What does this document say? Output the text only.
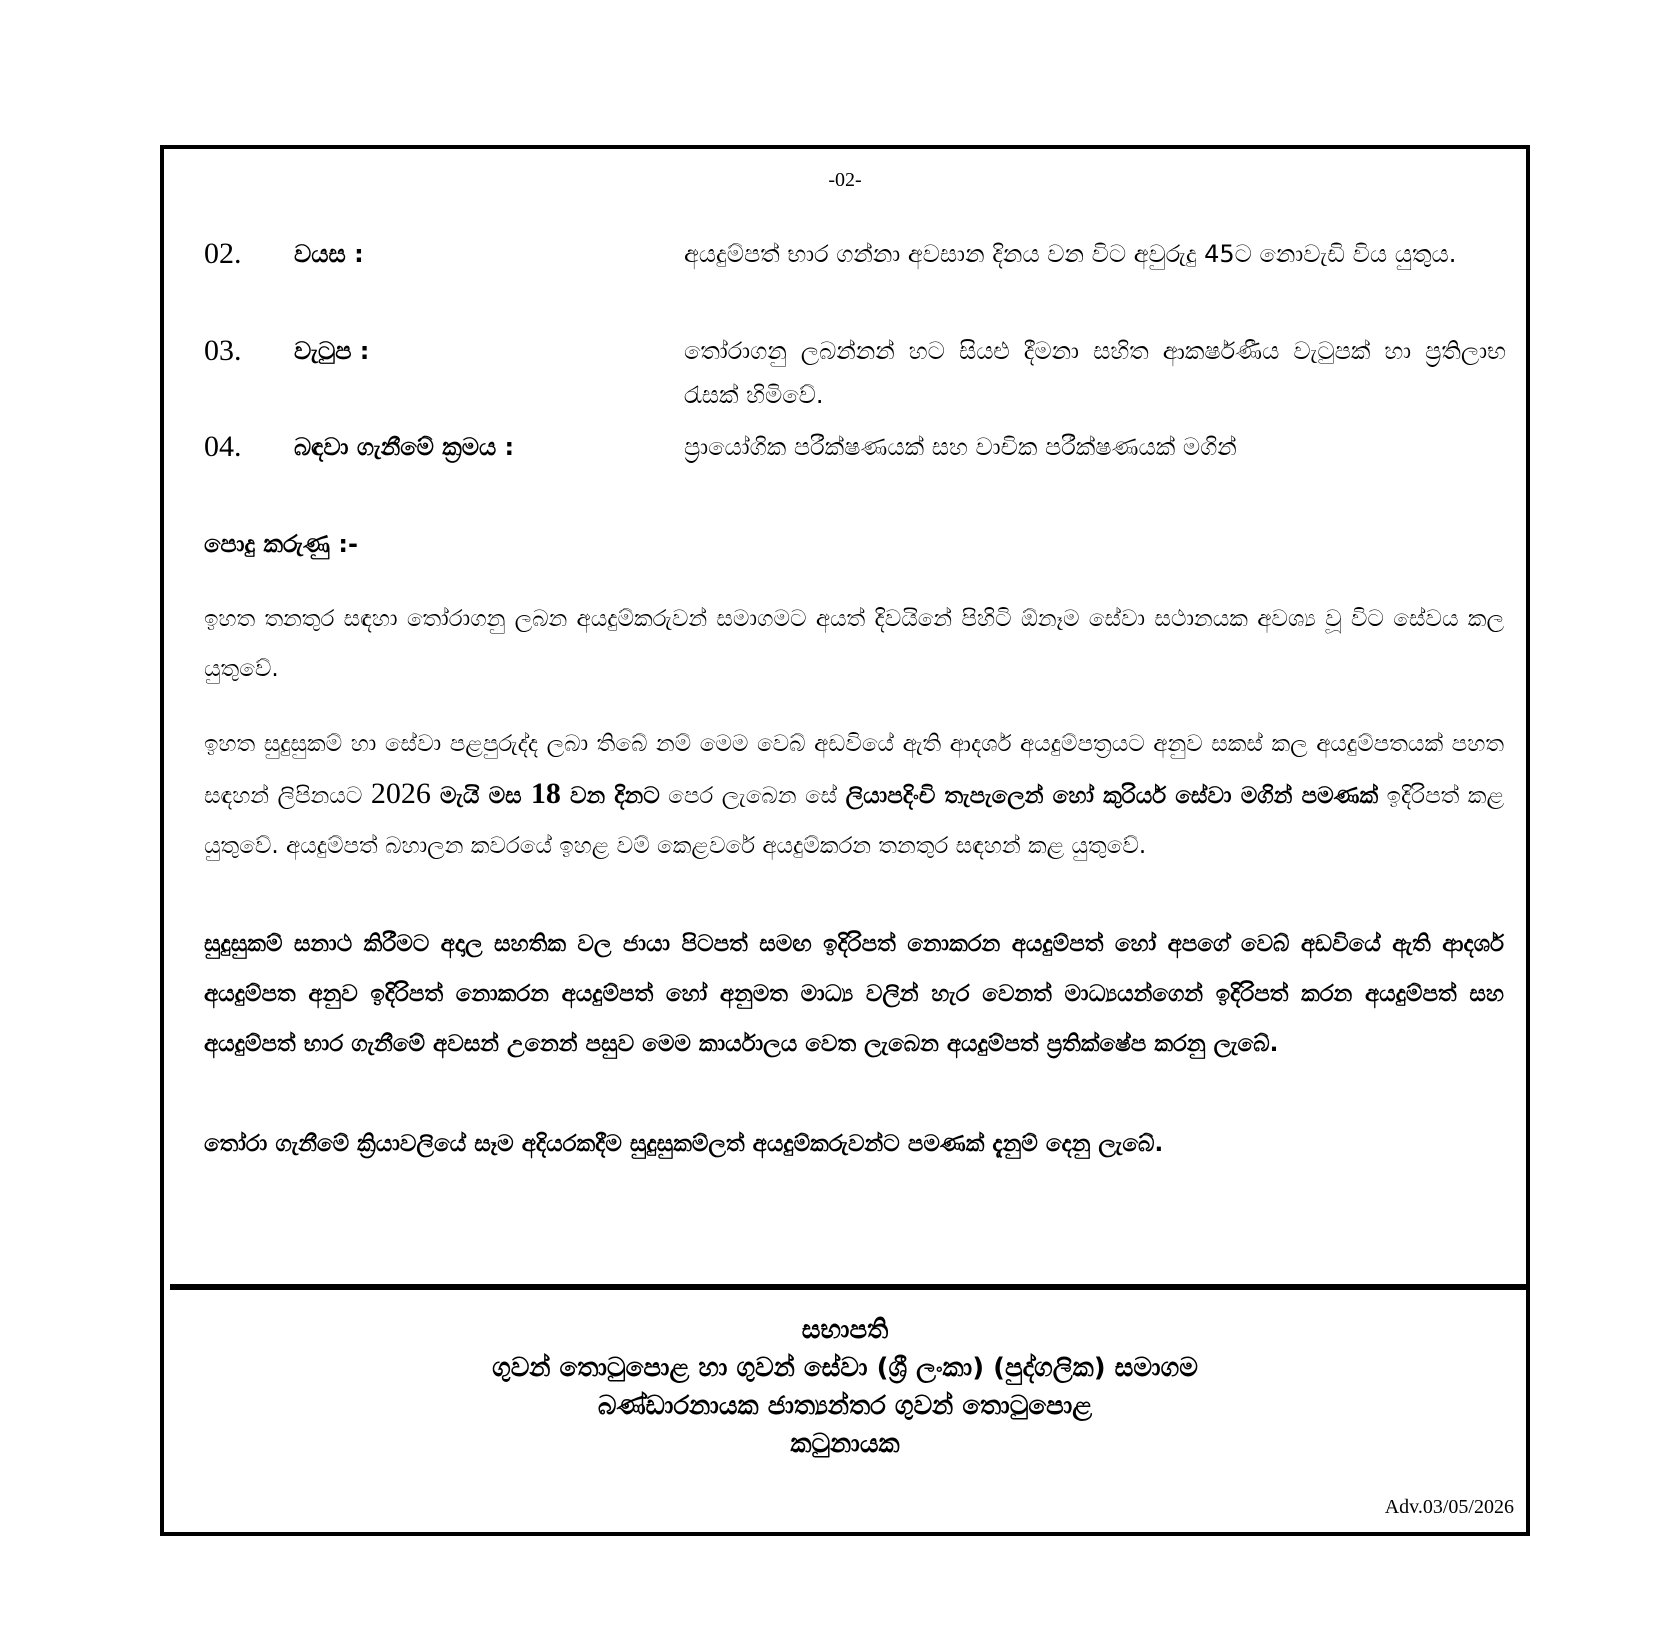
-02-
02. වයස :	අයදුම්පත් භාර ගන්නා අවසාන දිනය වන විට අවුරුදු 45ට නොවැඩි විය යුතුය.
03. වැටුප :	තෝරාගනු ලබන්නන් හට සියළු දීමනා සහිත ආකර්ෂණීය වැටුපක් හා ප්‍රතිලාභ රැසක් හිමිවේ.
04. බඳවා ගැනීමේ ක්‍රමය :	ප්‍රායෝගික පරීක්ෂණයක් සහ වාචික පරීක්ෂණයක් මගින්
පොදු කරුණු :-
ඉහත තනතුර සඳහා තෝරාගනු ලබන අයදුම්කරුවන් සමාගමට අයත් දිවයිනේ පිහිටි ඕනෑම සේවා සථානයක අවශ්‍ය වූ විට සේවය කල යුතුවේ.
ඉහත සුදුසුකම් හා සේවා පළපුරුද්ද ලබා තිබේ නම් මෙම වෙබ් අඩවියේ ඇති ආදර්ශ අයදුම්පත්‍රයට අනුව සකස් කල අයදුම්පතයක් පහත සඳහන් ලිපිනයට 2026 මැයි මස 18 වන දිනට පෙර ලැබෙන සේ ලියාපදිංචි තැපැලෙන් හෝ කුරියර් සේවා මගින් පමණක් ඉදිරිපත් කළ යුතුවේ. අයදුම්පත් බහාලන කවරයේ ඉහළ වම් කෙළවරේ අයදුම්කරන තනතුර සඳහන් කළ යුතුවේ.
සුදුසුකම් සනාථ කිරීමට අදාල සහතික වල ජායා පිටපත් සමඟ ඉදිරිපත් නොකරන අයදුම්පත් හෝ අපගේ වෙබ් අඩවියේ ඇති ආදර්ශ අයදුම්පත අනුව ඉදිරිපත් නොකරන අයදුම්පත් හෝ අනුමත මාධ්‍ය වලින් හැර වෙනත් මාධ්‍යයන්ගෙන් ඉදිරිපත් කරන අයදුම්පත් සහ අයදුම්පත් භාර ගැනීමේ අවසන් උනෙන් පසුව මෙම කාර්යාලය වෙත ලැබෙන අයදුම්පත් ප්‍රතික්ෂේප කරනු ලැබේ.
තෝරා ගැනීමේ ක්‍රියාවලියේ සෑම අදියරකදීම සුදුසුකම්ලත් අයදුම්කරුවන්ට පමණක් දැනුම් දෙනු ලැබේ.
සභාපති
ගුවන් තොටුපොළ හා ගුවන් සේවා (ශ්‍රී ලංකා) (පුද්ගලික) සමාගම
බණ්ඩාරනායක ජාත්‍යන්තර ගුවන් තොටුපොළ
කටුනායක
Adv.03/05/2026
